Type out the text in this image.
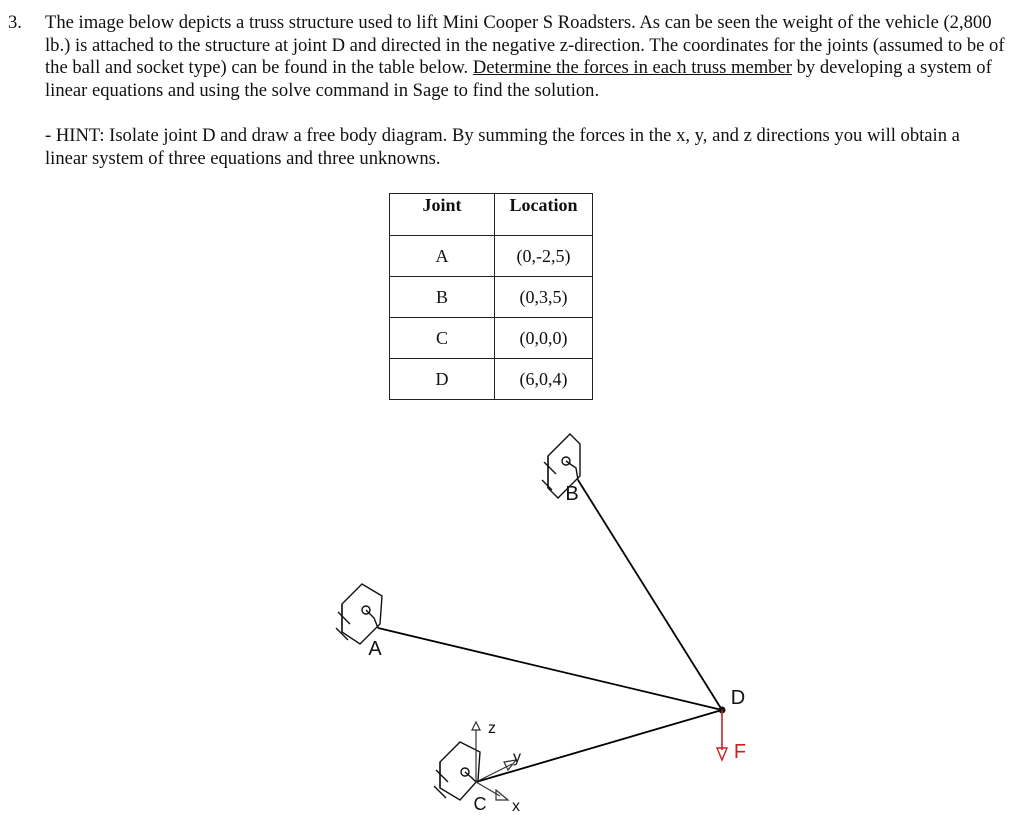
3. The image below depicts a truss structure used to lift Mini Cooper S Roadsters. As can be seen the weight of the vehicle (2,800 lb.) is attached to the structure at joint D and directed in the negative z-direction. The coordinates for the joints (assumed to be of the ball and socket type) can be found in the table below. Determine the forces in each truss member by developing a system of linear equations and using the solve command in Sage to find the solution.

- HINT: Isolate joint D and draw a free body diagram. By summing the forces in the x, y, and z directions you will obtain a linear system of three equations and three unknowns.

Joint	Location
A	(0,-2,5)
B	(0,3,5)
C	(0,0,0)
D	(6,0,4)
B
A
D
F
C
z
y
x
